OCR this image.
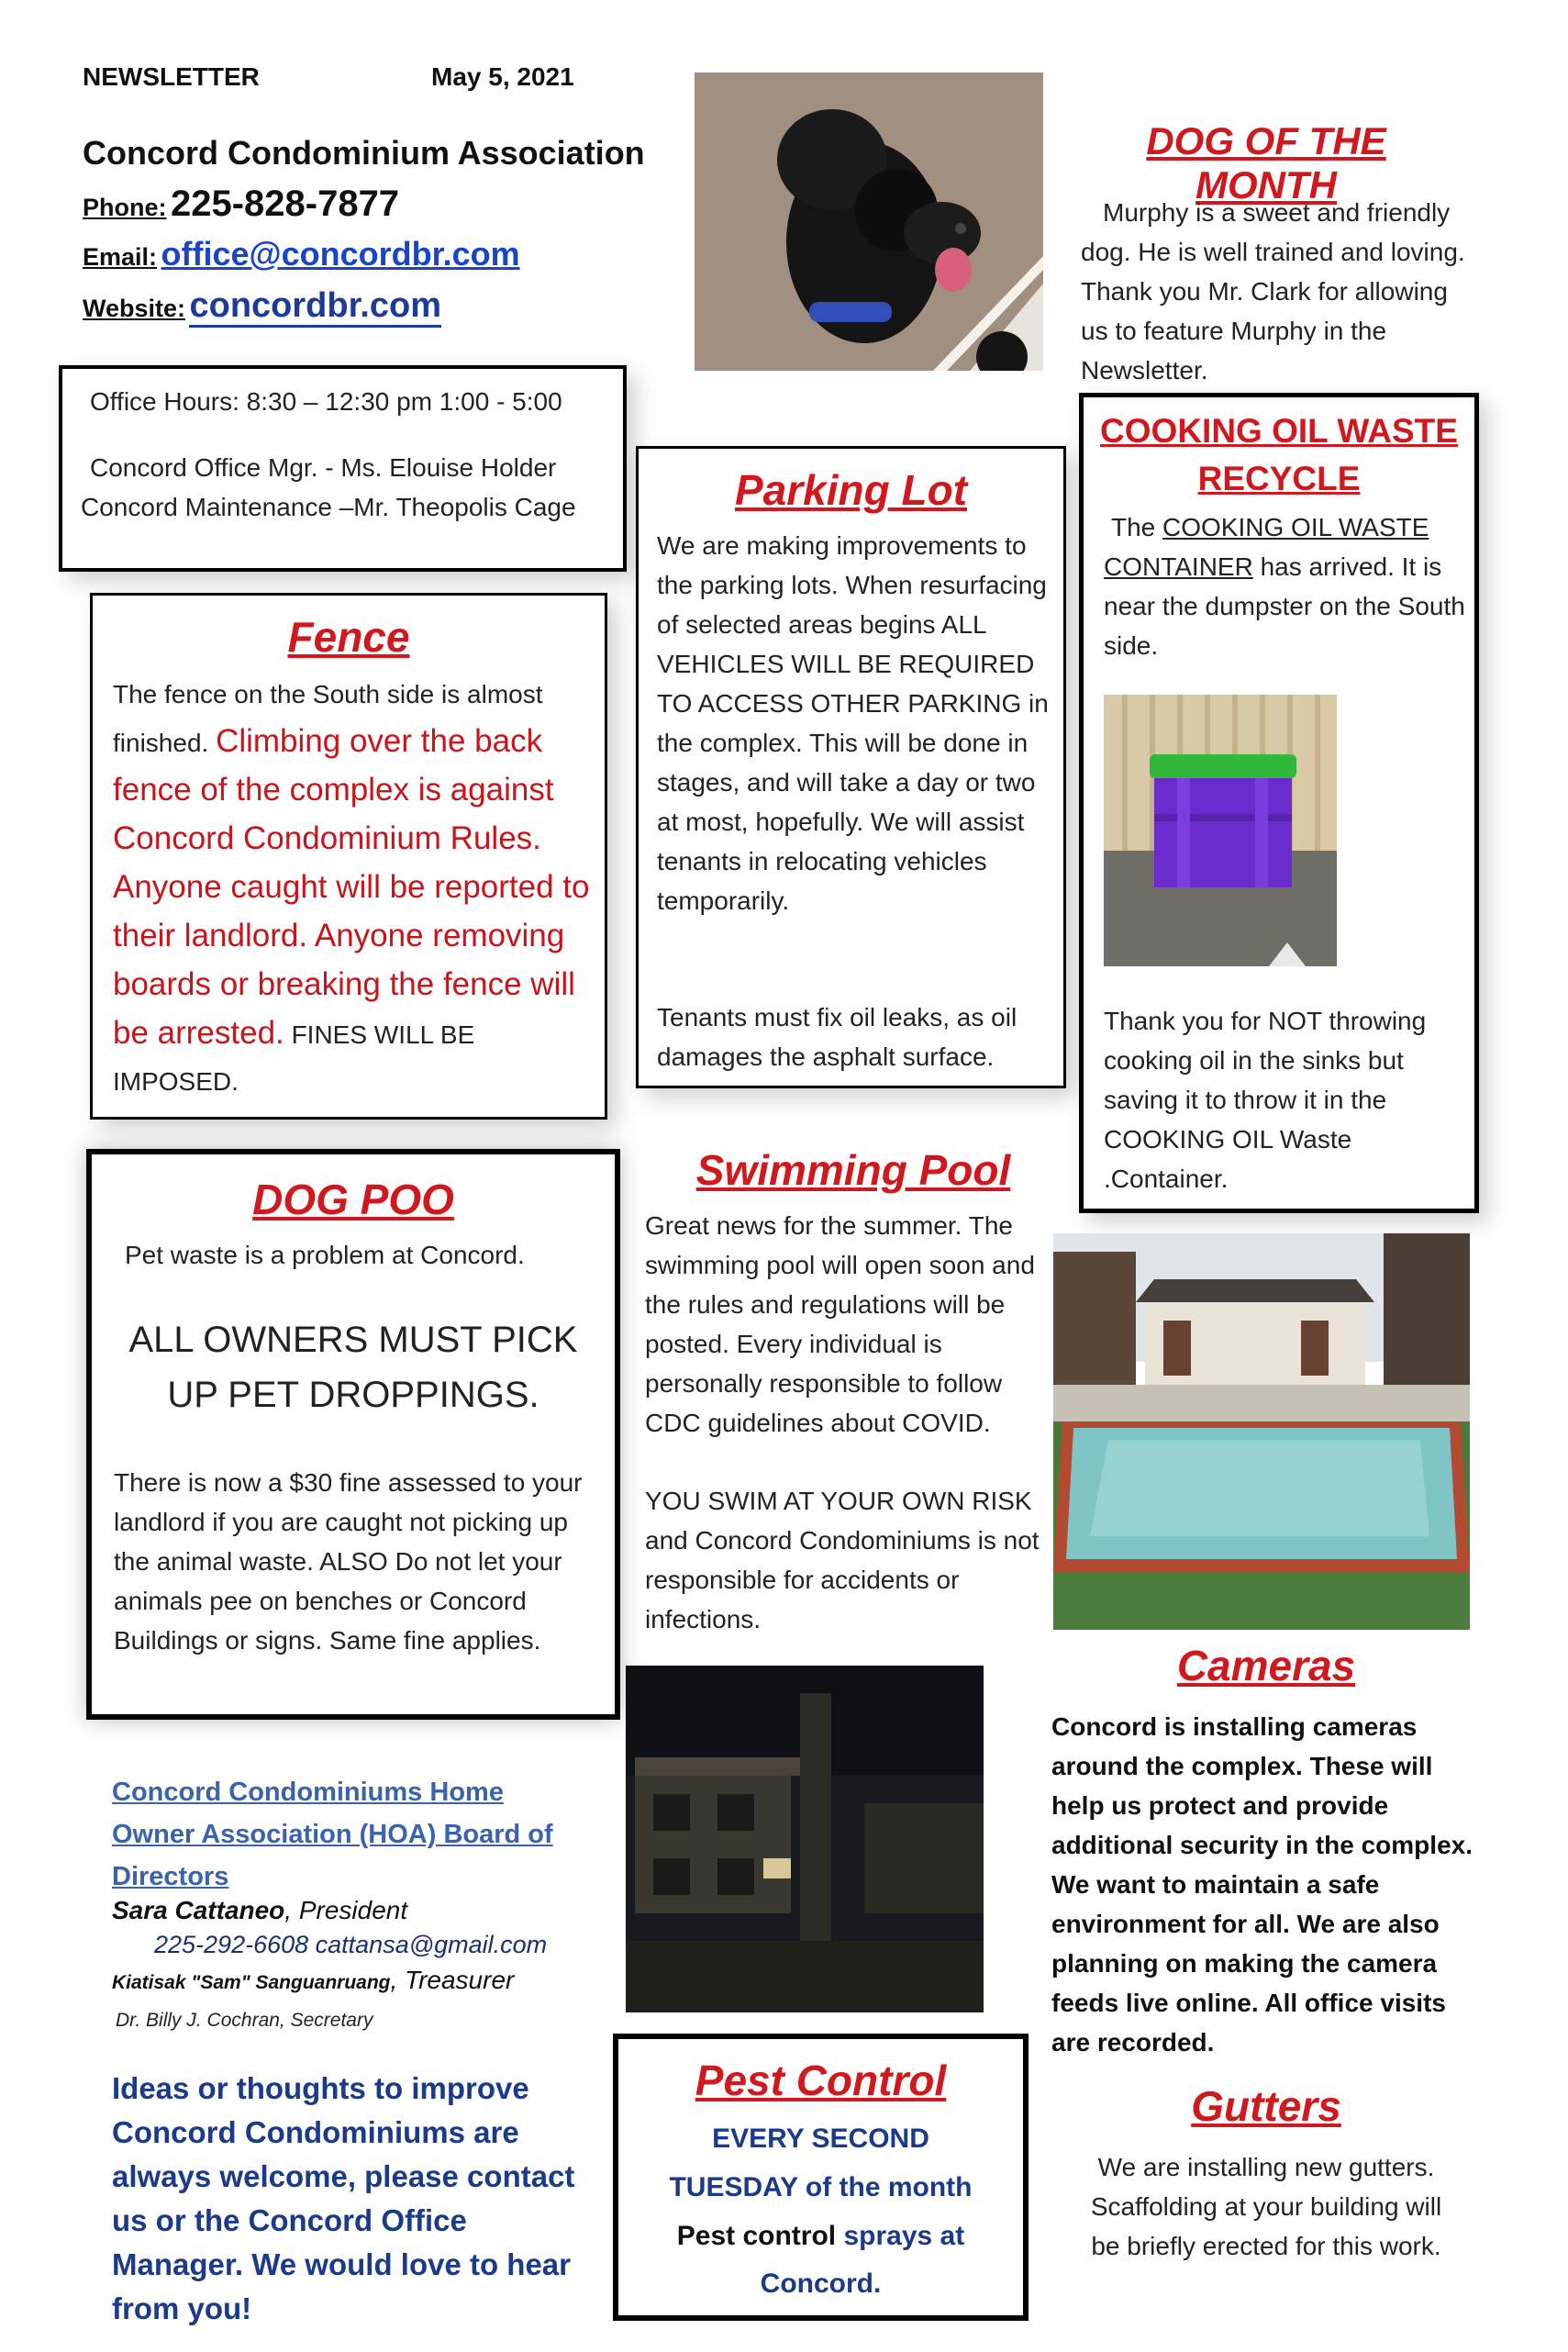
NEWSLETTER	May 5, 2021
Concord Condominium Association
Phone: 225-828-7877
Email: office@concordbr.com
Website: concordbr.com
Office Hours: 8:30 – 12:30 pm 1:00 - 5:00
Concord Office Mgr. - Ms. Elouise Holder
Concord Maintenance –Mr. Theopolis Cage
Fence
The fence on the South side is almost finished. Climbing over the back fence of the complex is against Concord Condominium Rules. Anyone caught will be reported to their landlord. Anyone removing boards or breaking the fence will be arrested. FINES WILL BE IMPOSED.
DOG POO
Pet waste is a problem at Concord.
ALL OWNERS MUST PICK UP PET DROPPINGS.
There is now a $30 fine assessed to your landlord if you are caught not picking up the animal waste. ALSO Do not let your animals pee on benches or Concord Buildings or signs. Same fine applies.
Concord Condominiums Home Owner Association (HOA) Board of Directors
Sara Cattaneo, President
225-292-6608 cattansa@gmail.com
Kiatisak "Sam" Sanguanruang, Treasurer
Dr. Billy J. Cochran, Secretary
Ideas or thoughts to improve Concord Condominiums are always welcome, please contact us or the Concord Office Manager. We would love to hear from you!
Parking Lot
We are making improvements to the parking lots. When resurfacing of selected areas begins ALL VEHICLES WILL BE REQUIRED TO ACCESS OTHER PARKING in the complex. This will be done in stages, and will take a day or two at most, hopefully. We will assist tenants in relocating vehicles temporarily.
Tenants must fix oil leaks, as oil damages the asphalt surface.
Swimming Pool
Great news for the summer. The swimming pool will open soon and the rules and regulations will be posted. Every individual is personally responsible to follow CDC guidelines about COVID.
YOU SWIM AT YOUR OWN RISK and Concord Condominiums is not responsible for accidents or infections.
Pest Control
EVERY SECOND
TUESDAY of the month
Pest control sprays at
Concord.
DOG OF THE MONTH
Murphy is a sweet and friendly dog. He is well trained and loving. Thank you Mr. Clark for allowing us to feature Murphy in the Newsletter.
COOKING OIL WASTE
RECYCLE
The COOKING OIL WASTE CONTAINER has arrived. It is near the dumpster on the South side.
Thank you for NOT throwing cooking oil in the sinks but saving it to throw it in the COOKING OIL Waste .Container.
Cameras
Concord is installing cameras around the complex. These will help us protect and provide additional security in the complex. We want to maintain a safe environment for all. We are also planning on making the camera feeds live online. All office visits are recorded.
Gutters
We are installing new gutters. Scaffolding at your building will be briefly erected for this work.
